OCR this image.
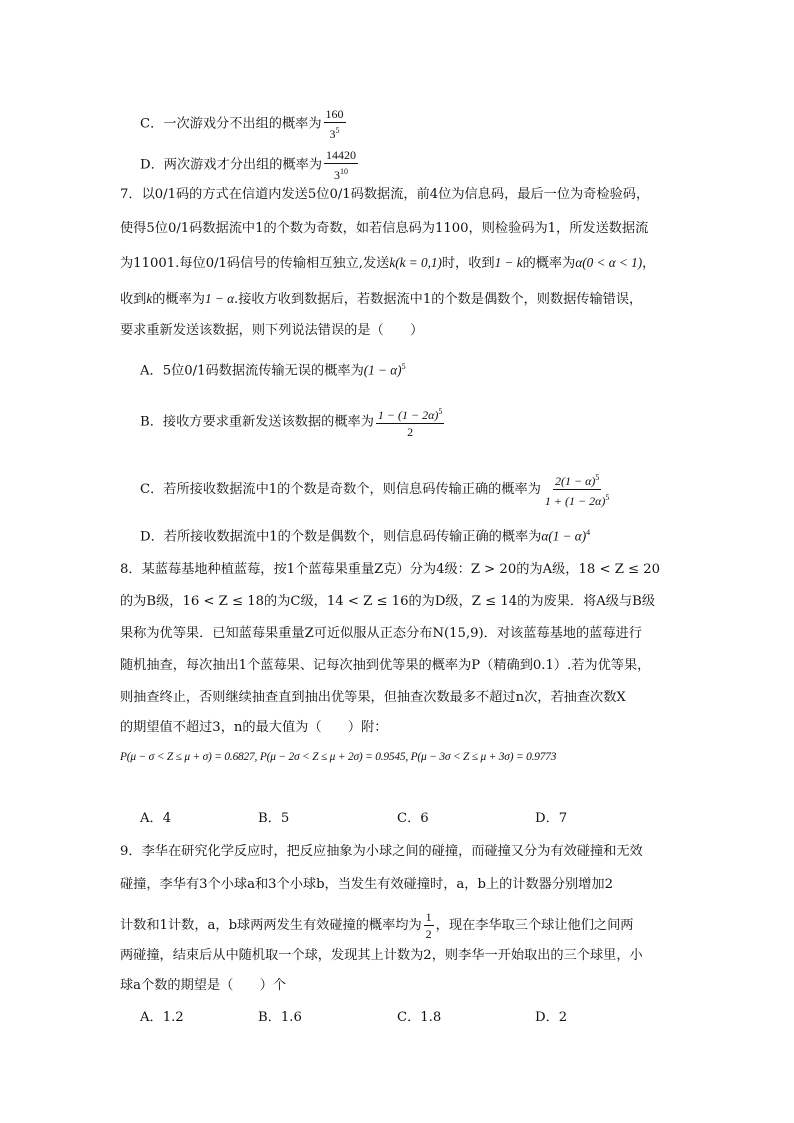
C．一次游戏分不出组的概率为 $\frac{160}{3^5}$
D．两次游戏才分出组的概率为 $\frac{14420}{3^{10}}$
7．以0/1码的方式在信道内发送5位0/1码数据流，前4位为信息码，最后一位为奇检验码，
使得5位0/1码数据流中1的个数为奇数，如若信息码为1100，则检验码为1，所发送数据流
为11001.每位0/1码信号的传输相互独立,发送k(k = 0,1)时，收到1 − k的概率为α(0 < α < 1)，
收到k的概率为1 − α.接收方收到数据后，若数据流中1的个数是偶数个，则数据传输错误，
要求重新发送该数据，则下列说法错误的是（　　）
A．5位0/1码数据流传输无误的概率为$(1 - \alpha)^5$
B．接收方要求重新发送该数据的概率为 $\frac{1 - (1 - 2\alpha)^5}{2}$
C．若所接收数据流中1的个数是奇数个，则信息码传输正确的概率为 $\frac{2(1 - \alpha)^5}{1 + (1 - 2\alpha)^5}$
D．若所接收数据流中1的个数是偶数个，则信息码传输正确的概率为$\alpha(1 - \alpha)^4$
8．某蓝莓基地种植蓝莓，按1个蓝莓果重量Z克）分为4级：Z > 20的为A级，18 < Z ≤ 20
的为B级，16 < Z ≤ 18的为C级，14 < Z ≤ 16的为D级，Z ≤ 14的为废果．将A级与B级
果称为优等果．已知蓝莓果重量Z可近似服从正态分布N(15,9)．对该蓝莓基地的蓝莓进行
随机抽查，每次抽出1个蓝莓果、记每次抽到优等果的概率为P（精确到0.1）.若为优等果，
则抽查终止，否则继续抽查直到抽出优等果，但抽查次数最多不超过n次，若抽查次数X
的期望值不超过3，n的最大值为（　　）附：
P(μ − σ < Z ≤ μ + σ) = 0.6827, P(μ − 2σ < Z ≤ μ + 2σ) = 0.9545, P(μ − 3σ < Z ≤ μ + 3σ) = 0.9773
A．4	B．5	C．6	D．7
9．李华在研究化学反应时，把反应抽象为小球之间的碰撞，而碰撞又分为有效碰撞和无效
碰撞，李华有3个小球a和3个小球b，当发生有效碰撞时，a，b上的计数器分别增加2
计数和1计数，a，b球两两发生有效碰撞的概率均为 $\frac{1}{2}$ ，现在李华取三个球让他们之间两
两碰撞，结束后从中随机取一个球，发现其上计数为2，则李华一开始取出的三个球里，小
球a个数的期望是（　　）个
A．1.2	B．1.6	C．1.8	D．2
